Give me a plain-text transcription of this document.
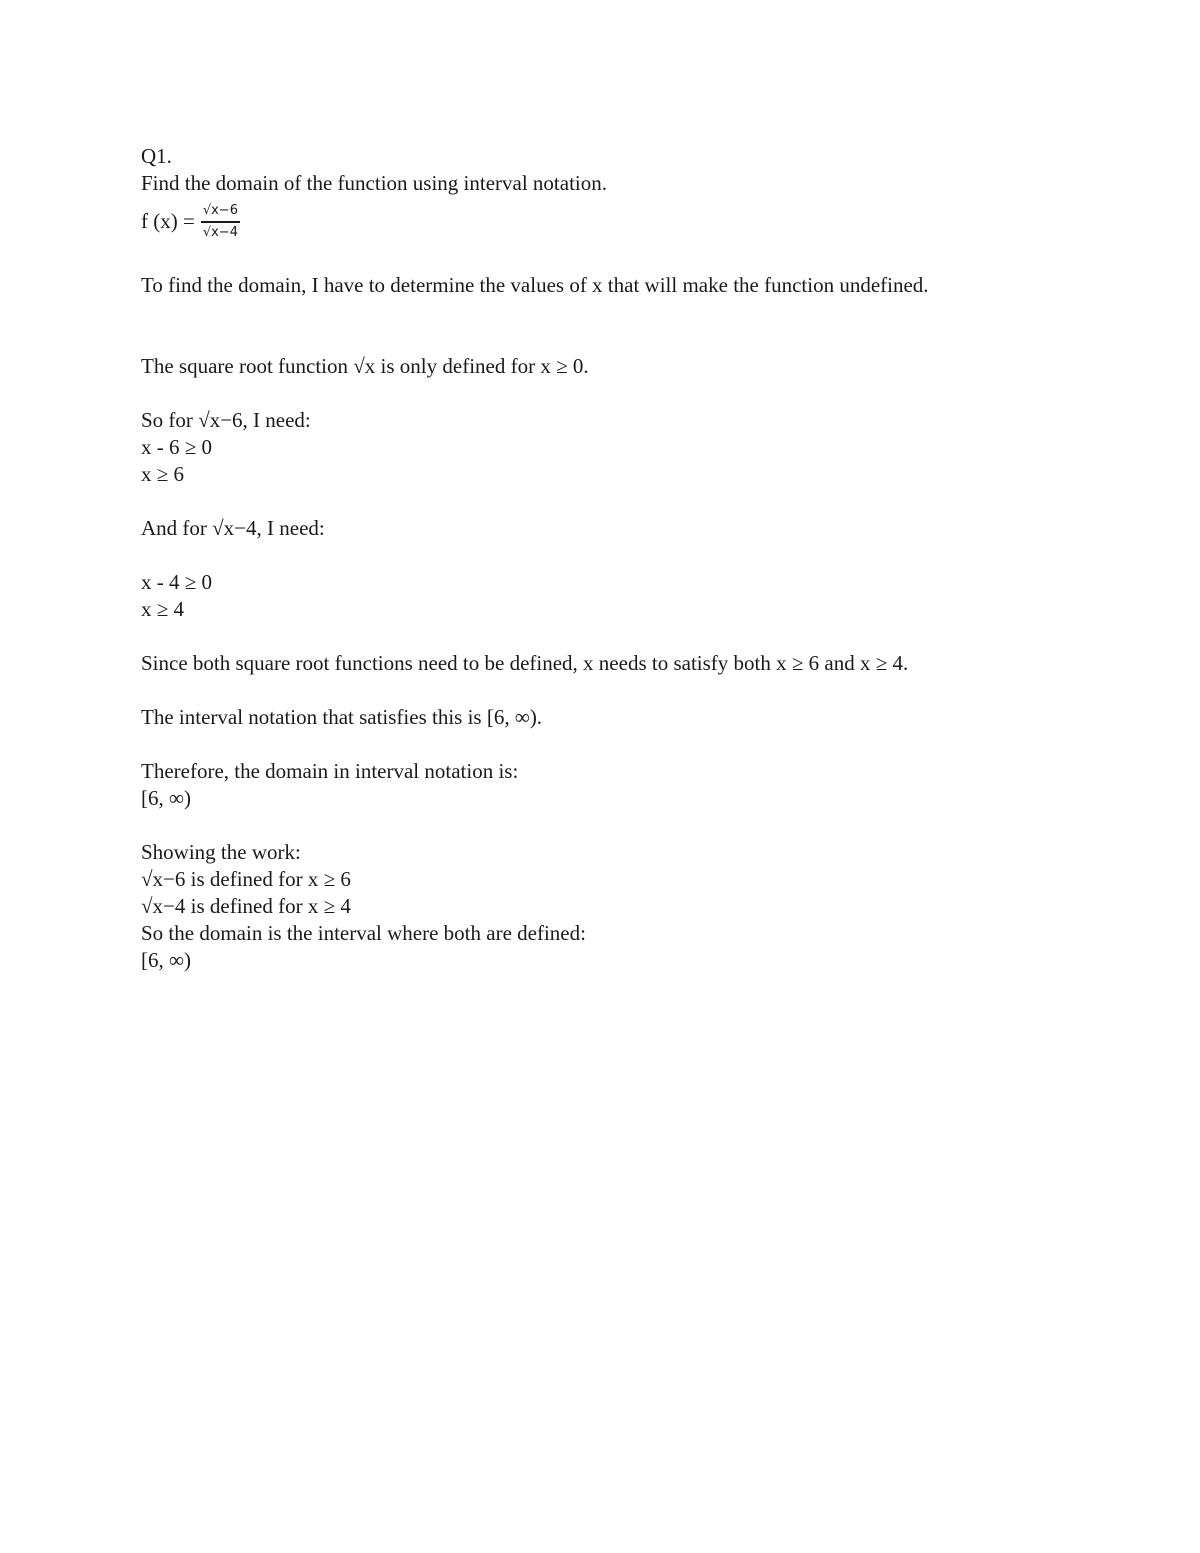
Q1.
Find the domain of the function using interval notation.
f $(x) = \frac{√x-6}{√x-4}$
To find the domain, I have to determine the values of x that will make the function undefined.
The square root function √x is only defined for x ≥ 0.
So for √x−6, I need:
x - 6 ≥ 0
x ≥ 6
And for √x−4, I need:
x - 4 ≥ 0
x ≥ 4
Since both square root functions need to be defined, x needs to satisfy both x ≥ 6 and x ≥ 4.
The interval notation that satisfies this is [6, ∞).
Therefore, the domain in interval notation is:
[6, ∞)
Showing the work:
√x−6 is defined for x ≥ 6
√x−4 is defined for x ≥ 4
So the domain is the interval where both are defined:
[6, ∞)
